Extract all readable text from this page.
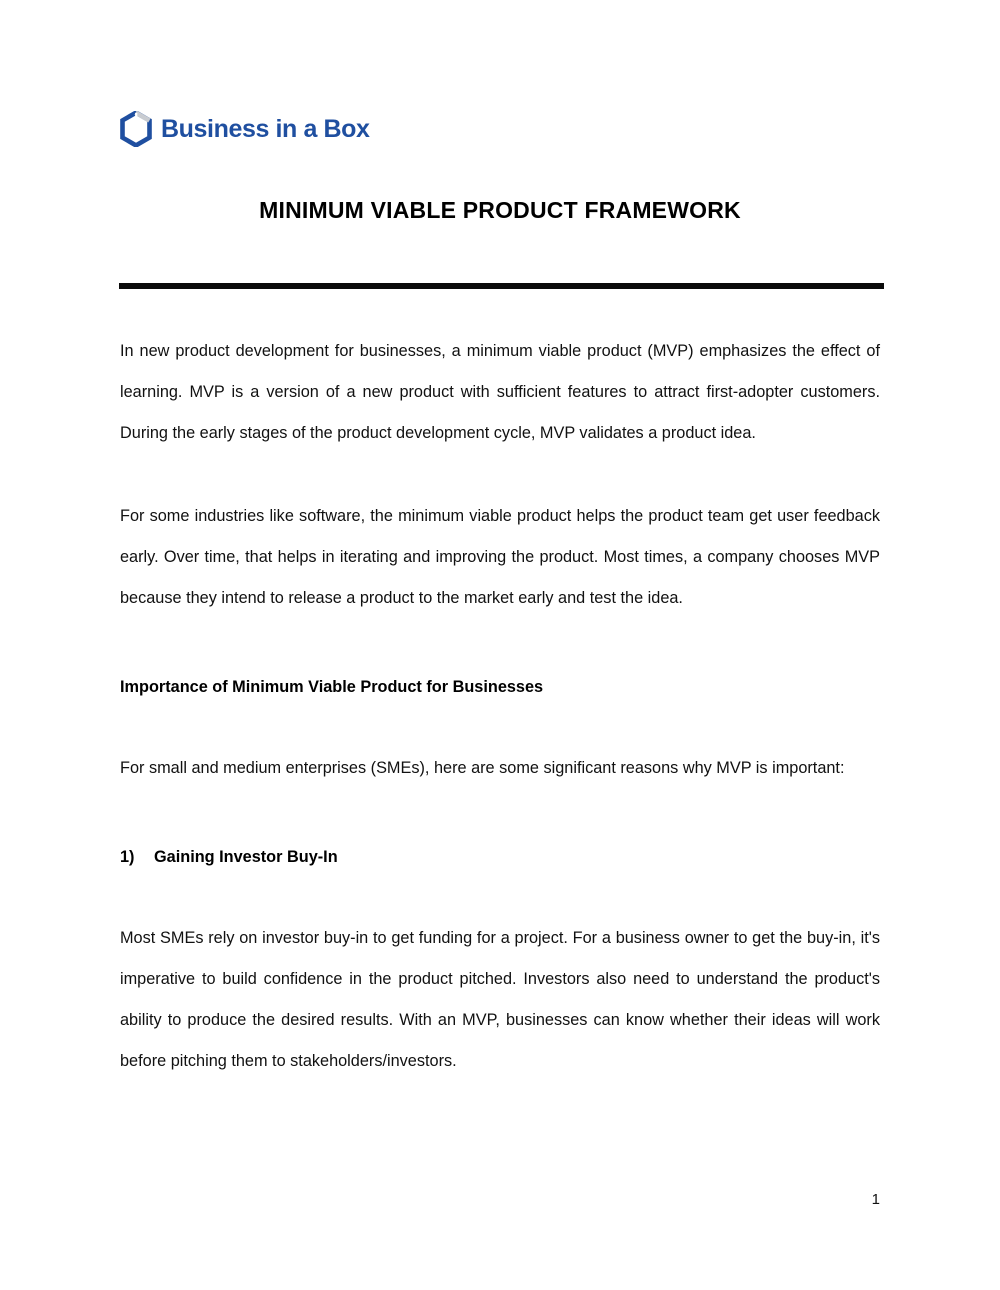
Business in a Box
MINIMUM VIABLE PRODUCT FRAMEWORK

In new product development for businesses, a minimum viable product (MVP) emphasizes the effect of learning. MVP is a version of a new product with sufficient features to attract first-adopter customers. During the early stages of the product development cycle, MVP validates a product idea.

For some industries like software, the minimum viable product helps the product team get user feedback early. Over time, that helps in iterating and improving the product. Most times, a company chooses MVP because they intend to release a product to the market early and test the idea.

Importance of Minimum Viable Product for Businesses

For small and medium enterprises (SMEs), here are some significant reasons why MVP is important:

1) Gaining Investor Buy-In

Most SMEs rely on investor buy-in to get funding for a project. For a business owner to get the buy-in, it's imperative to build confidence in the product pitched. Investors also need to understand the product's ability to produce the desired results. With an MVP, businesses can know whether their ideas will work before pitching them to stakeholders/investors.

1
